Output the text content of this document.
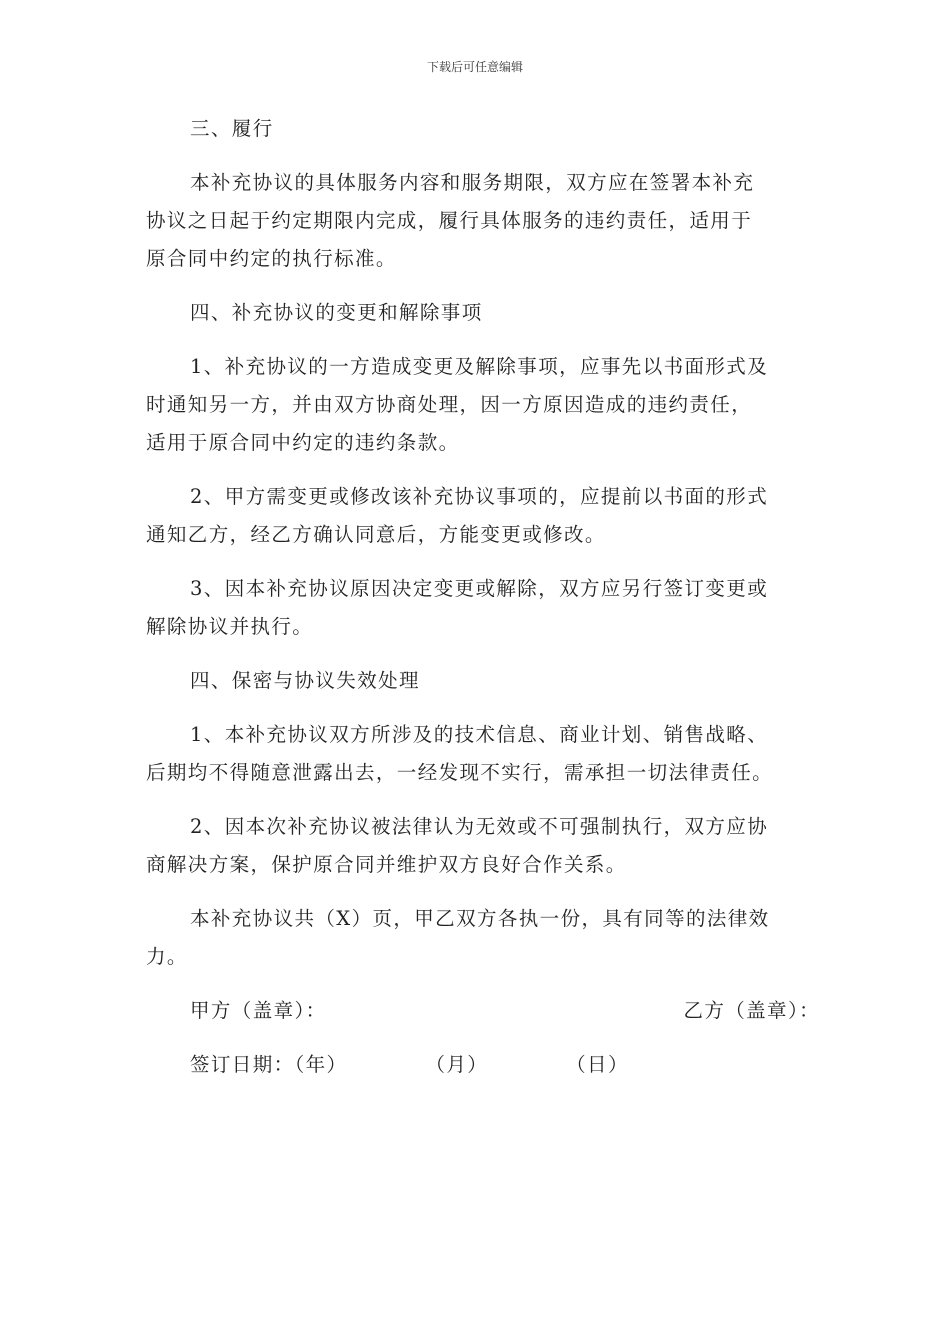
下载后可任意编辑
三、履行
本补充协议的具体服务内容和服务期限，双方应在签署本补充
协议之日起于约定期限内完成，履行具体服务的违约责任，适用于
原合同中约定的执行标准。
四、补充协议的变更和解除事项
1、补充协议的一方造成变更及解除事项，应事先以书面形式及
时通知另一方，并由双方协商处理，因一方原因造成的违约责任，
适用于原合同中约定的违约条款。
2、甲方需变更或修改该补充协议事项的，应提前以书面的形式
通知乙方，经乙方确认同意后，方能变更或修改。
3、因本补充协议原因决定变更或解除，双方应另行签订变更或
解除协议并执行。
四、保密与协议失效处理
1、本补充协议双方所涉及的技术信息、商业计划、销售战略、
后期均不得随意泄露出去，一经发现不实行，需承担一切法律责任。
2、因本次补充协议被法律认为无效或不可强制执行，双方应协
商解决方案，保护原合同并维护双方良好合作关系。
本补充协议共（X）页，甲乙双方各执一份，具有同等的法律效
力。
甲方（盖章）：	乙方（盖章）：
签订日期：（年）	（月）	（日）
